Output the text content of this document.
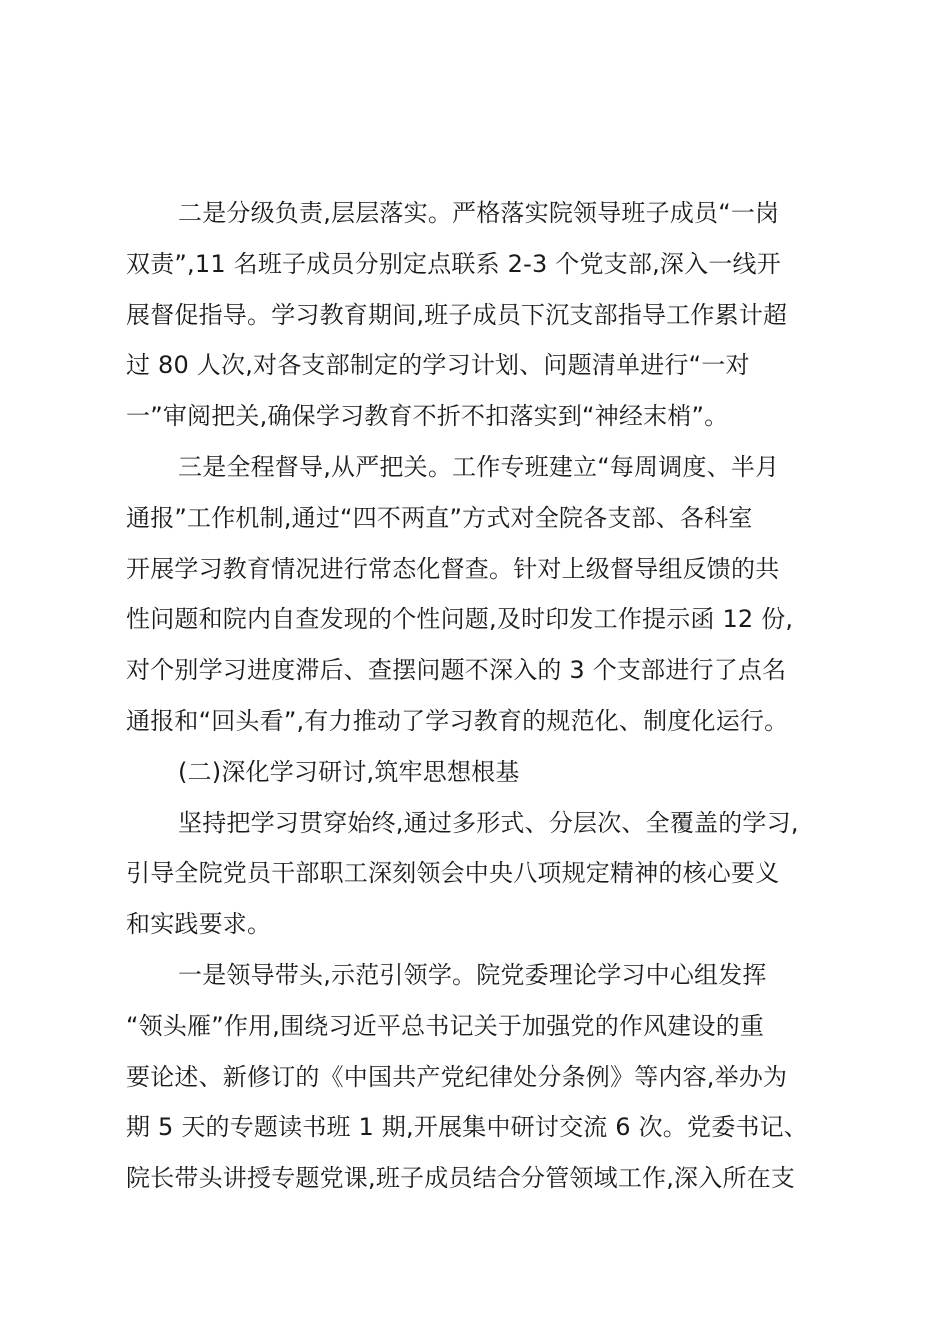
二是分级负责,层层落实。严格落实院领导班子成员“一岗
双责”,11 名班子成员分别定点联系 2-3 个党支部,深入一线开
展督促指导。学习教育期间,班子成员下沉支部指导工作累计超
过 80 人次,对各支部制定的学习计划、问题清单进行“一对
一”审阅把关,确保学习教育不折不扣落实到“神经末梢”。
三是全程督导,从严把关。工作专班建立“每周调度、半月
通报”工作机制,通过“四不两直”方式对全院各支部、各科室
开展学习教育情况进行常态化督查。针对上级督导组反馈的共
性问题和院内自查发现的个性问题,及时印发工作提示函 12 份,
对个别学习进度滞后、查摆问题不深入的 3 个支部进行了点名
通报和“回头看”,有力推动了学习教育的规范化、制度化运行。
(二)深化学习研讨,筑牢思想根基
坚持把学习贯穿始终,通过多形式、分层次、全覆盖的学习,
引导全院党员干部职工深刻领会中央八项规定精神的核心要义
和实践要求。
一是领导带头,示范引领学。院党委理论学习中心组发挥
“领头雁”作用,围绕习近平总书记关于加强党的作风建设的重
要论述、新修订的《中国共产党纪律处分条例》等内容,举办为
期 5 天的专题读书班 1 期,开展集中研讨交流 6 次。党委书记、
院长带头讲授专题党课,班子成员结合分管领域工作,深入所在支
